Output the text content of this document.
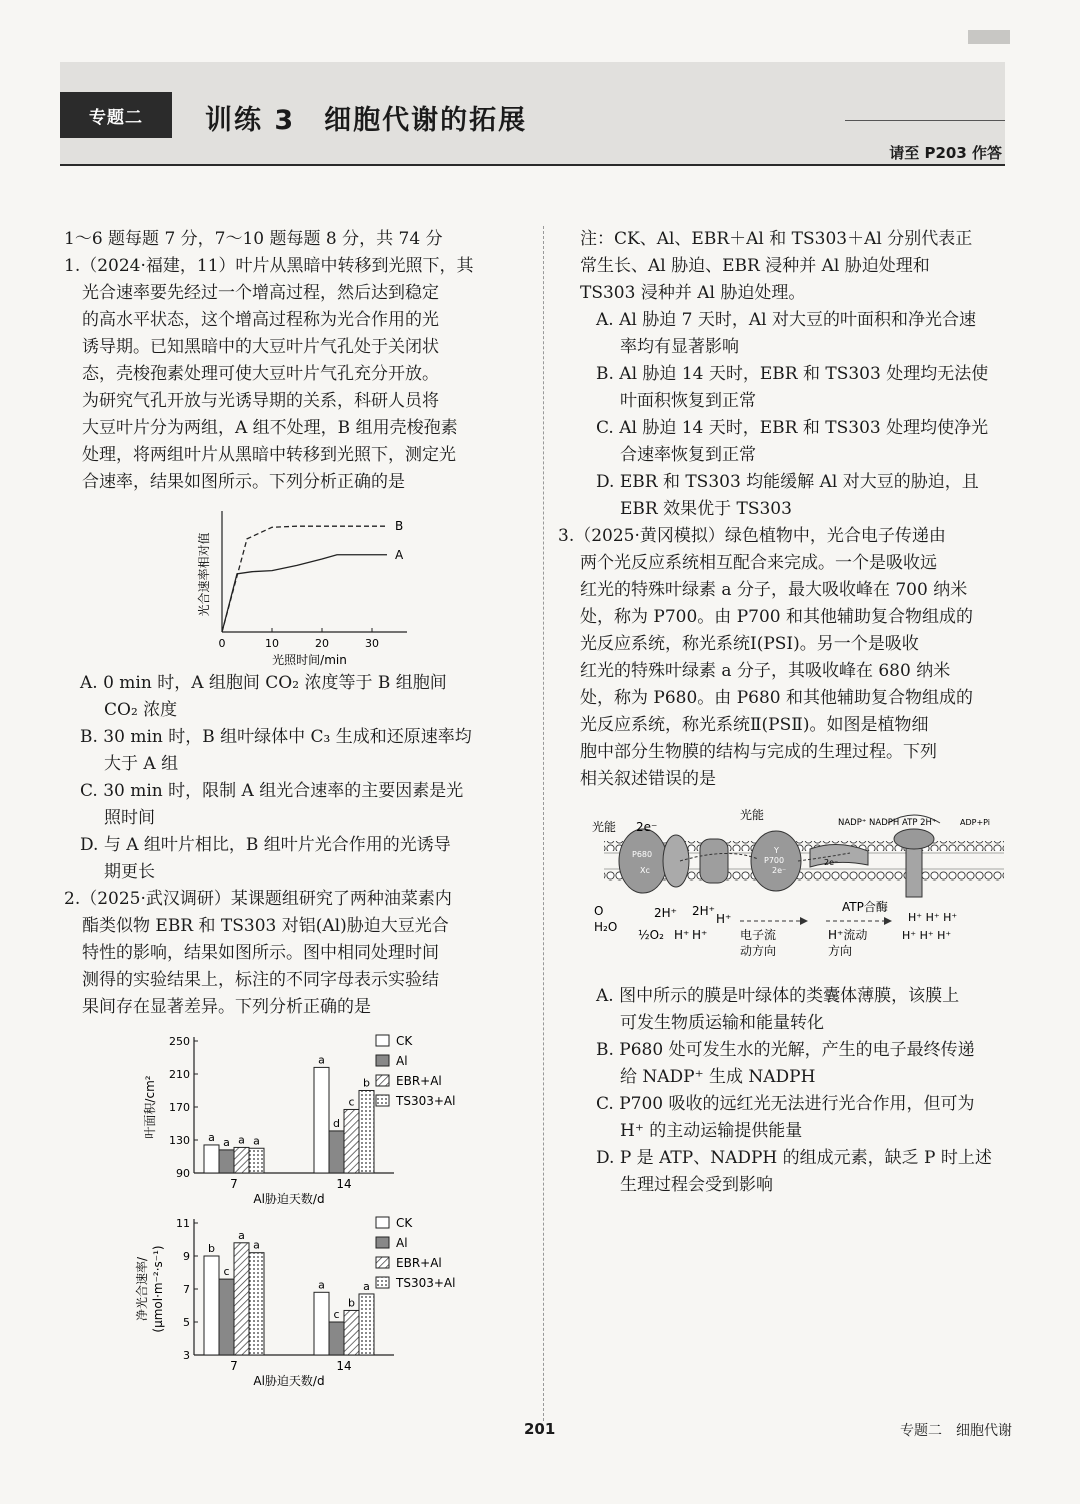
专题二	训练 3　细胞代谢的拓展
请至 P203 作答

1～6 题每题 7 分，7～10 题每题 8 分，共 74 分

1.（2024·福建，11）叶片从黑暗中转移到光照下，其

光合速率要先经过一个增高过程，然后达到稳定

的高水平状态，这个增高过程称为光合作用的光

诱导期。已知黑暗中的大豆叶片气孔处于关闭状

态，壳梭孢素处理可使大豆叶片气孔充分开放。

为研究气孔开放与光诱导期的关系，科研人员将

大豆叶片分为两组，A 组不处理，B 组用壳梭孢素

处理，将两组叶片从黑暗中转移到光照下，测定光

合速率，结果如图所示。下列分析正确的是

0	10	20	30
光照时间/min
光合速率相对值
B
A

A. 0 min 时，A 组胞间 CO₂ 浓度等于 B 组胞间

CO₂ 浓度

B. 30 min 时，B 组叶绿体中 C₃ 生成和还原速率均

大于 A 组

C. 30 min 时，限制 A 组光合速率的主要因素是光

照时间

D. 与 A 组叶片相比，B 组叶片光合作用的光诱导

期更长

2.（2025·武汉调研）某课题组研究了两种油菜素内

酯类似物 EBR 和 TS303 对铝(Al)胁迫大豆光合

特性的影响，结果如图所示。图中相同处理时间

测得的实验结果上，标注的不同字母表示实验结

果间存在显著差异。下列分析正确的是

90
130
170
210
250
a a a a
7
a
d
c
b
14
Al胁迫天数/d
叶面积/cm²
CK
Al
EBR+Al
TS303+Al
3
5
7
9
11
b
c
a
a
7
a
c
b
a
14
Al胁迫天数/d
净光合速率/ (μmol·m⁻²·s⁻¹)
CK
Al
EBR+Al
TS303+Al

注：CK、Al、EBR＋Al 和 TS303＋Al 分别代表正

常生长、Al 胁迫、EBR 浸种并 Al 胁迫处理和

TS303 浸种并 Al 胁迫处理。

A. Al 胁迫 7 天时，Al 对大豆的叶面积和净光合速

率均有显著影响

B. Al 胁迫 14 天时，EBR 和 TS303 处理均无法使

叶面积恢复到正常

C. Al 胁迫 14 天时，EBR 和 TS303 处理均使净光

合速率恢复到正常

D. EBR 和 TS303 均能缓解 Al 对大豆的胁迫，且

EBR 效果优于 TS303

3.（2025·黄冈模拟）绿色植物中，光合电子传递由

两个光反应系统相互配合来完成。一个是吸收远

红光的特殊叶绿素 a 分子，最大吸收峰在 700 纳米

处，称为 P700。由 P700 和其他辅助复合物组成的

光反应系统，称光系统Ⅰ(PSⅠ)。另一个是吸收

红光的特殊叶绿素 a 分子，其吸收峰在 680 纳米

处，称为 P680。由 P680 和其他辅助复合物组成的

光反应系统，称光系统Ⅱ(PSⅡ)。如图是植物细

胞中部分生物膜的结构与完成的生理过程。下列

相关叙述错误的是

光能 2e⁻
光能
NADP⁺ NADPH ATP 2H⁺	ADP+Pi
P680
Xc
Y
P700
2e⁻
2e⁻
ATP合酶
O
H₂O
½O₂
2H⁺
H⁺
2H⁺
H⁺
H⁺	电子流
动方向
H⁺流动
方向
H⁺ H⁺ H⁺
H⁺ H⁺ H⁺

A. 图中所示的膜是叶绿体的类囊体薄膜，该膜上

可发生物质运输和能量转化

B. P680 处可发生水的光解，产生的电子最终传递

给 NADP⁺ 生成 NADPH

C. P700 吸收的远红光无法进行光合作用，但可为

H⁺ 的主动运输提供能量

D. P 是 ATP、NADPH 的组成元素，缺乏 P 时上述

生理过程会受到影响

201	专题二　细胞代谢
